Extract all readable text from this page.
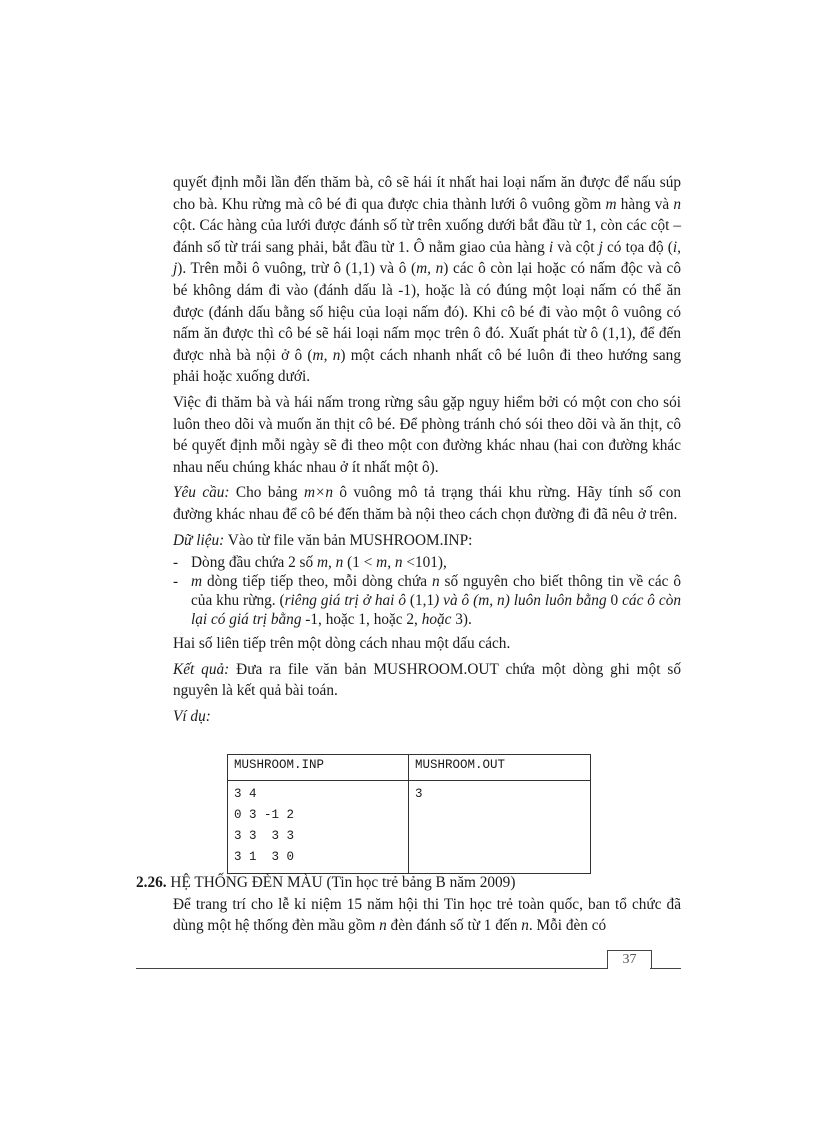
quyết định mỗi lần đến thăm bà, cô sẽ hái ít nhất hai loại nấm ăn được để nấu súp cho bà. Khu rừng mà cô bé đi qua được chia thành lưới ô vuông gồm m hàng và n cột. Các hàng của lưới được đánh số từ trên xuống dưới bắt đầu từ 1, còn các cột – đánh số từ trái sang phải, bắt đầu từ 1. Ô nằm giao của hàng i và cột j có tọa độ (i, j). Trên mỗi ô vuông, trừ ô (1,1) và ô (m, n) các ô còn lại hoặc có nấm độc và cô bé không dám đi vào (đánh dấu là -1), hoặc là có đúng một loại nấm có thể ăn được (đánh dấu bằng số hiệu của loại nấm đó). Khi cô bé đi vào một ô vuông có nấm ăn được thì cô bé sẽ hái loại nấm mọc trên ô đó. Xuất phát từ ô (1,1), để đến được nhà bà nội ở ô (m, n) một cách nhanh nhất cô bé luôn đi theo hướng sang phải hoặc xuống dưới.

Việc đi thăm bà và hái nấm trong rừng sâu gặp nguy hiểm bởi có một con cho sói luôn theo dõi và muốn ăn thịt cô bé. Để phòng tránh chó sói theo dõi và ăn thịt, cô bé quyết định mỗi ngày sẽ đi theo một con đường khác nhau (hai con đường khác nhau nếu chúng khác nhau ở ít nhất một ô).

Yêu cầu: Cho bảng m×n ô vuông mô tả trạng thái khu rừng. Hãy tính số con đường khác nhau để cô bé đến thăm bà nội theo cách chọn đường đi đã nêu ở trên.

Dữ liệu: Vào từ file văn bản MUSHROOM.INP:

- Dòng đầu chứa 2 số m, n (1 < m, n <101),
- m dòng tiếp tiếp theo, mỗi dòng chứa n số nguyên cho biết thông tin về các ô của khu rừng. (riêng giá trị ở hai ô (1,1) và ô (m, n) luôn luôn bằng 0 các ô còn lại có giá trị bằng -1, hoặc 1, hoặc 2, hoặc 3).

Hai số liên tiếp trên một dòng cách nhau một dấu cách.

Kết quả: Đưa ra file văn bản MUSHROOM.OUT chứa một dòng ghi một số nguyên là kết quả bài toán.

Ví dụ:

MUSHROOM.INP	MUSHROOM.OUT
3 4
0 3 -1 2
3 3  3 3
3 1  3 0	3
2.26. HỆ THỐNG ĐÈN MÀU (Tin học trẻ bảng B năm 2009)
Để trang trí cho lễ kỉ niệm 15 năm hội thi Tin học trẻ toàn quốc, ban tổ chức đã dùng một hệ thống đèn mầu gồm n đèn đánh số từ 1 đến n. Mỗi đèn có
37
